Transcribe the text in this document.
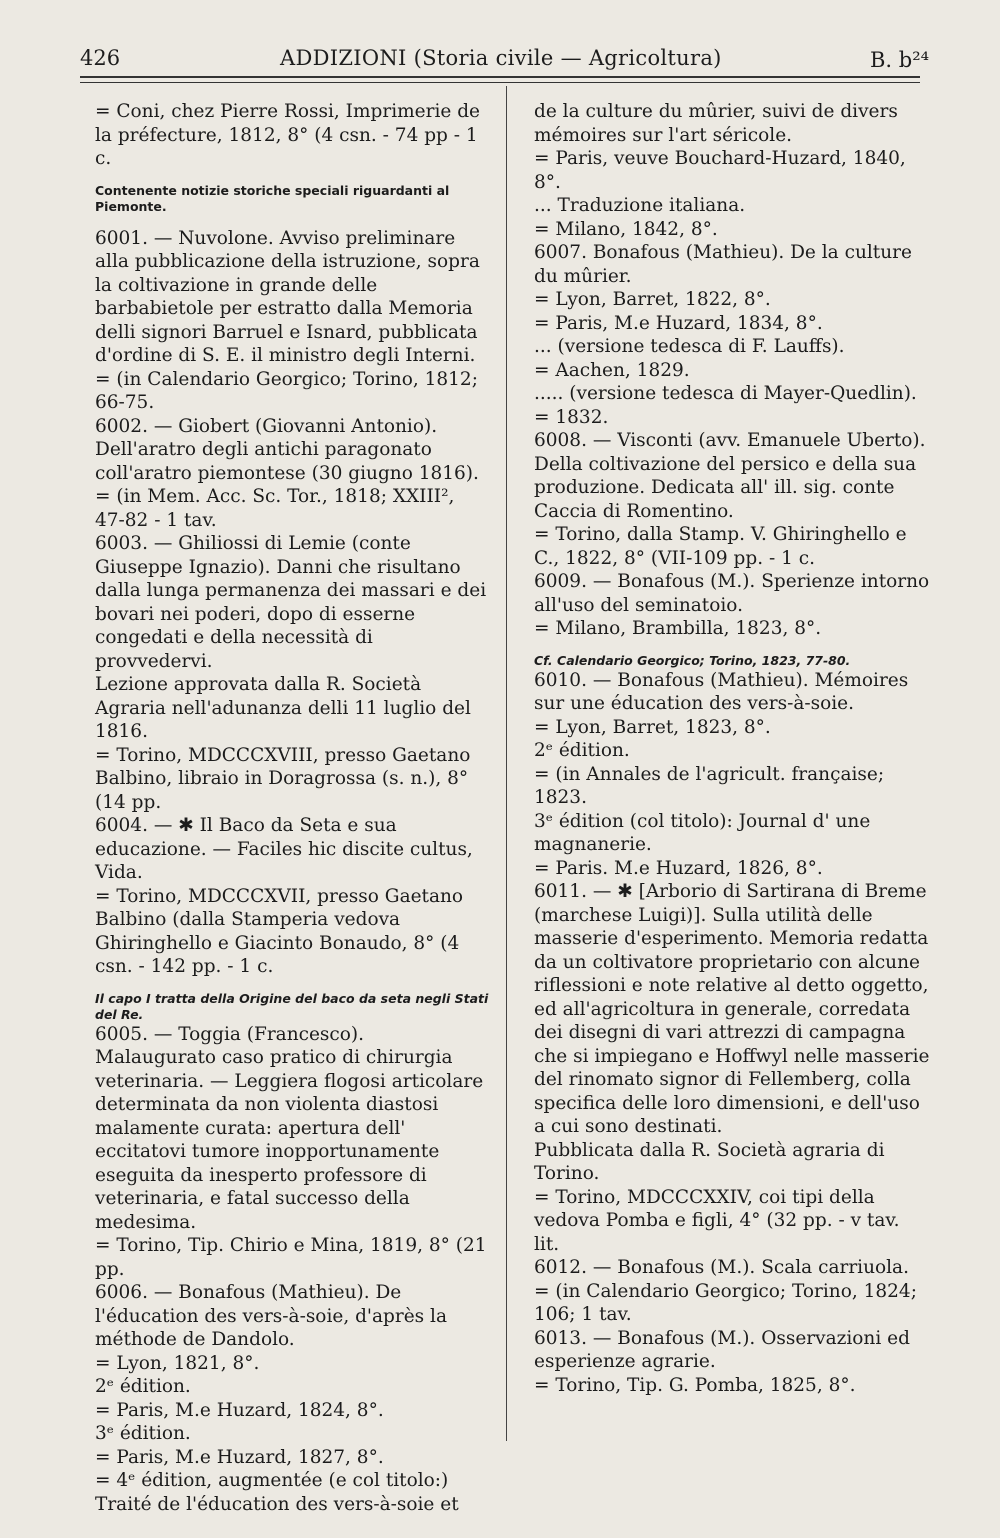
426	ADDIZIONI (Storia civile — Agricoltura)	B. b²⁴

= Coni, chez Pierre Rossi, Imprimerie de la préfecture, 1812, 8° (4 csn. - 74 pp - 1 c.

Contenente notizie storiche speciali riguardanti al Piemonte.

6001. — Nuvolone. Avviso preliminare alla pubblicazione della istruzione, sopra la coltivazione in grande delle barbabietole per estratto dalla Memoria delli signori Barruel e Isnard, pubblicata d'ordine di S. E. il ministro degli Interni.

= (in Calendario Georgico; Torino, 1812; 66-75.

6002. — Giobert (Giovanni Antonio). Dell'aratro degli antichi paragonato coll'aratro piemontese (30 giugno 1816).

= (in Mem. Acc. Sc. Tor., 1818; XXIII², 47-82 - 1 tav.

6003. — Ghiliossi di Lemie (conte Giuseppe Ignazio). Danni che risultano dalla lunga permanenza dei massari e dei bovari nei poderi, dopo di esserne congedati e della necessità di provvedervi.

Lezione approvata dalla R. Società Agraria nell'adunanza delli 11 luglio del 1816.

= Torino, MDCCCXVIII, presso Gaetano Balbino, libraio in Doragrossa (s. n.), 8° (14 pp.

6004. — ✱ Il Baco da Seta e sua educazione. — Faciles hic discite cultus, Vida.

= Torino, MDCCCXVII, presso Gaetano Balbino (dalla Stamperia vedova Ghiringhello e Giacinto Bonaudo, 8° (4 csn. - 142 pp. - 1 c.

Il capo I tratta della Origine del baco da seta negli Stati del Re.

6005. — Toggia (Francesco). Malaugurato caso pratico di chirurgia veterinaria. — Leggiera flogosi articolare determinata da non violenta diastosi malamente curata: apertura dell' eccitatovi tumore inopportunamente eseguita da inesperto professore di veterinaria, e fatal successo della medesima.

= Torino, Tip. Chirio e Mina, 1819, 8° (21 pp.

6006. — Bonafous (Mathieu). De l'éducation des vers-à-soie, d'après la méthode de Dandolo.

= Lyon, 1821, 8°.

2ᵉ édition.

= Paris, M.e Huzard, 1824, 8°.

3ᵉ édition.

= Paris, M.e Huzard, 1827, 8°.

= 4ᵉ édition, augmentée (e col titolo:) Traité de l'éducation des vers-à-soie et

de la culture du mûrier, suivi de divers mémoires sur l'art séricole.

= Paris, veuve Bouchard-Huzard, 1840, 8°.

... Traduzione italiana.

= Milano, 1842, 8°.

6007. Bonafous (Mathieu). De la culture du mûrier.

= Lyon, Barret, 1822, 8°.

= Paris, M.e Huzard, 1834, 8°.

... (versione tedesca di F. Lauffs).

= Aachen, 1829.

..... (versione tedesca di Mayer-Quedlin).

= 1832.

6008. — Visconti (avv. Emanuele Uberto). Della coltivazione del persico e della sua produzione. Dedicata all' ill. sig. conte Caccia di Romentino.

= Torino, dalla Stamp. V. Ghiringhello e C., 1822, 8° (VII-109 pp. - 1 c.

6009. — Bonafous (M.). Sperienze intorno all'uso del seminatoio.

= Milano, Brambilla, 1823, 8°.

Cf. Calendario Georgico; Torino, 1823, 77-80.

6010. — Bonafous (Mathieu). Mémoires sur une éducation des vers-à-soie.

= Lyon, Barret, 1823, 8°.

2ᵉ édition.

= (in Annales de l'agricult. française; 1823.

3ᵉ édition (col titolo): Journal d' une magnanerie.

= Paris. M.e Huzard, 1826, 8°.

6011. — ✱ [Arborio di Sartirana di Breme (marchese Luigi)]. Sulla utilità delle masserie d'esperimento. Memoria redatta da un coltivatore proprietario con alcune riflessioni e note relative al detto oggetto, ed all'agricoltura in generale, corredata dei disegni di vari attrezzi di campagna che si impiegano e Hoffwyl nelle masserie del rinomato signor di Fellemberg, colla specifica delle loro dimensioni, e dell'uso a cui sono destinati.

Pubblicata dalla R. Società agraria di Torino.

= Torino, MDCCCXXIV, coi tipi della vedova Pomba e figli, 4° (32 pp. - v tav. lit.

6012. — Bonafous (M.). Scala carriuola.

= (in Calendario Georgico; Torino, 1824; 106; 1 tav.

6013. — Bonafous (M.). Osservazioni ed esperienze agrarie.

= Torino, Tip. G. Pomba, 1825, 8°.
